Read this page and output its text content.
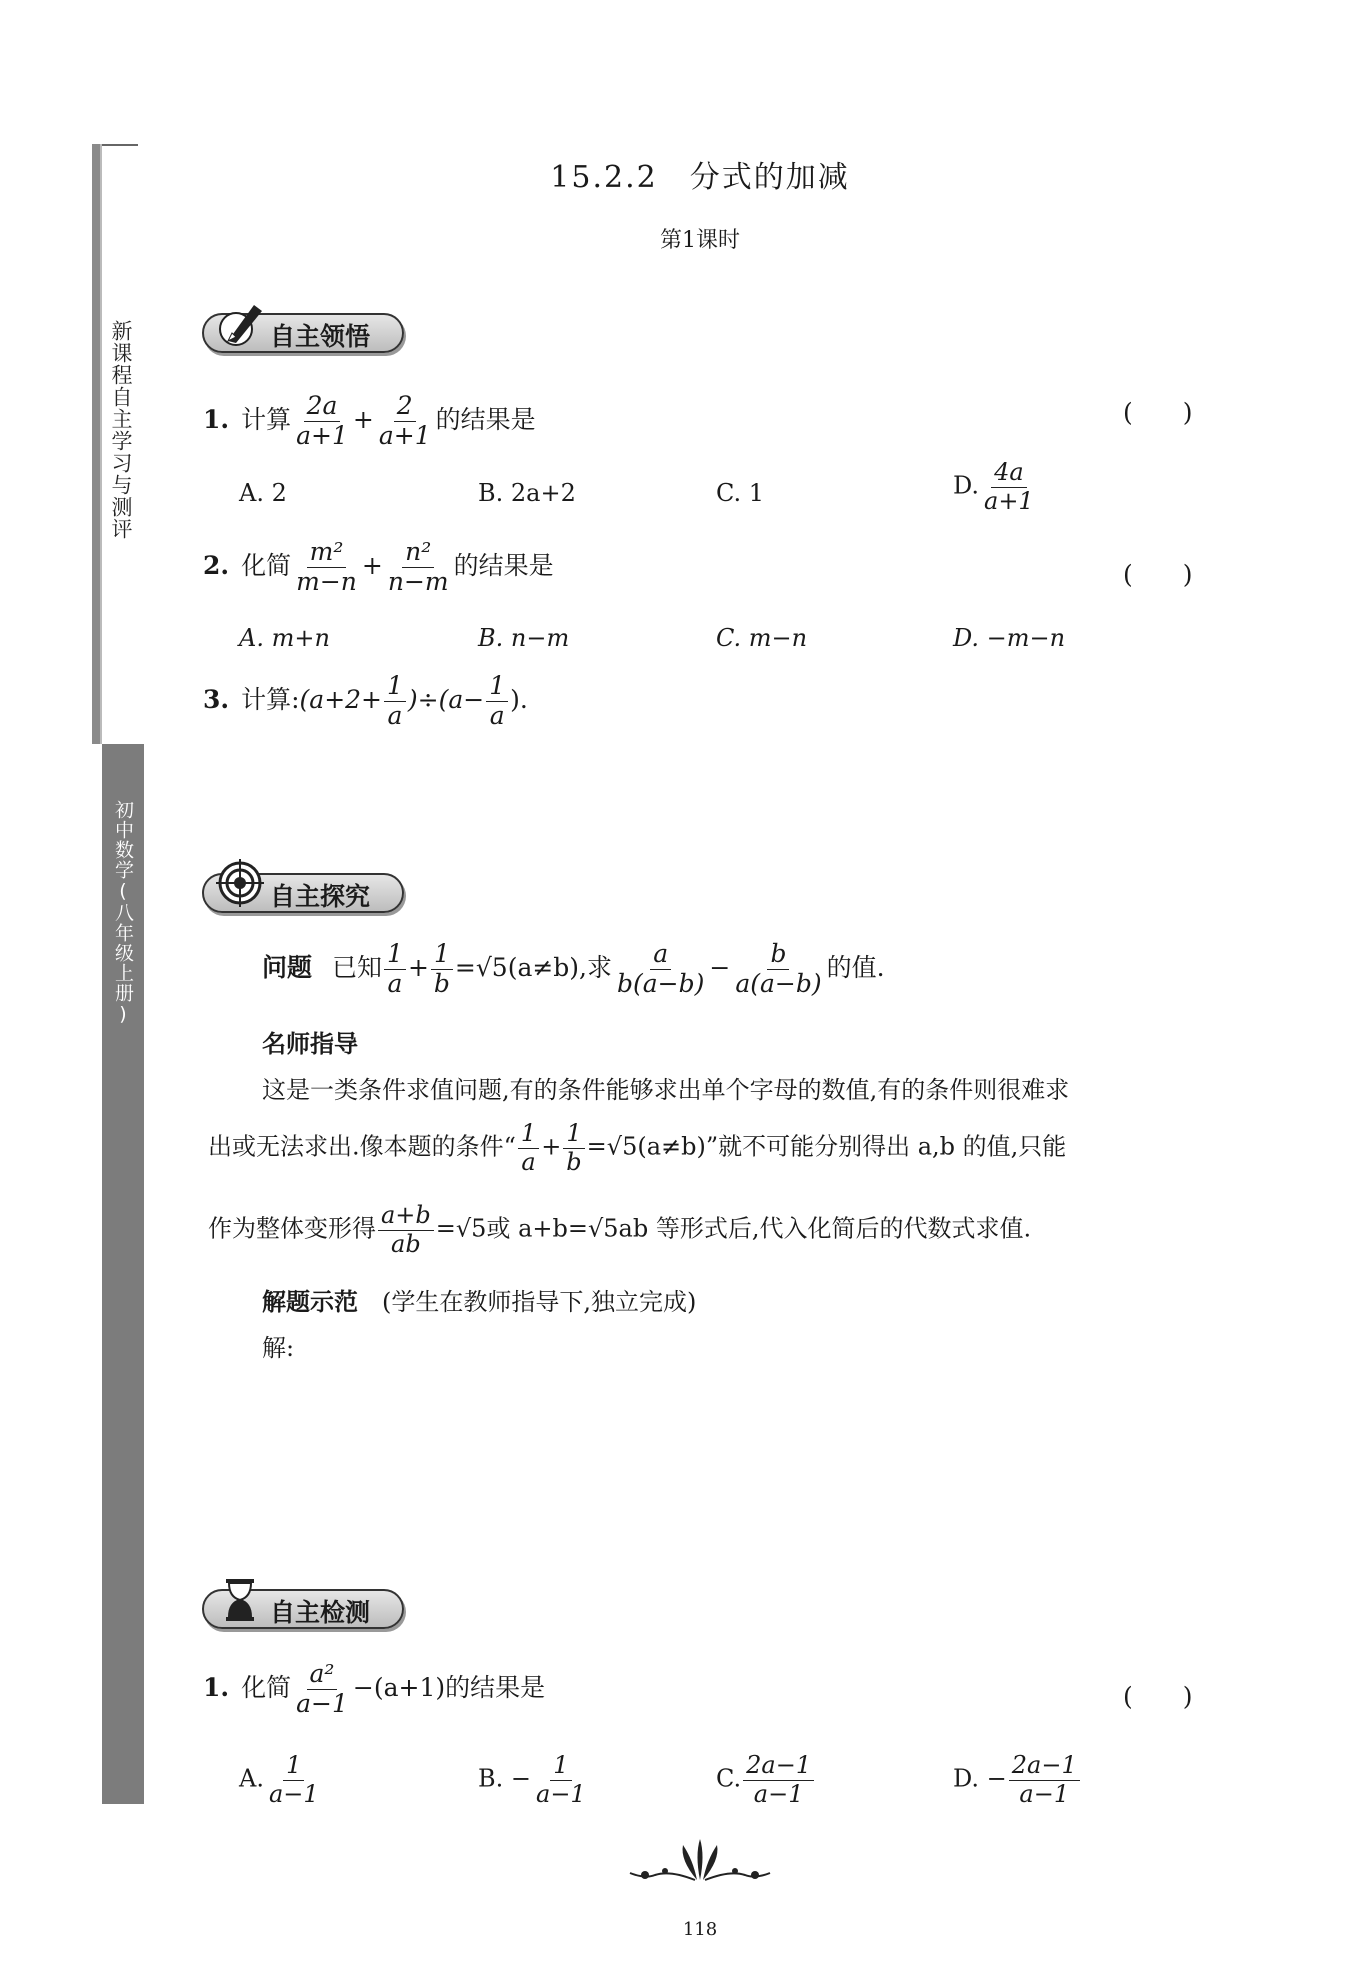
新课程自主学习与测评
初中数学(八年级上册)
15.2.2　分式的加减
第1课时
自主领悟
1. 计算 $\frac{2a}{a+1} + \frac{2}{a+1}$ 的结果是	(　　)
A. 2	B. 2a+2	C. 1	D. $\frac{4a}{a+1}$
2. 化简 $\frac{\text{m²}}{m-n} + \frac{\text{n²}}{n-m}$ 的结果是	(　　)
A. m+n	B. n−m	C. m−n	D. −m−n
3. 计算:(a+2+ $\frac{1}{a} )\div(a- \frac{1}{a}$ ).
自主探究
问题 已知 $\frac{1}{a} + \frac{1}{b} =√5(a\ne b)$,求 $\frac{a}{b(a-b)} - \frac{b}{a(a-b)}$ 的值.
名师指导
这是一类条件求值问题,有的条件能够求出单个字母的数值,有的条件则很难求
出或无法求出.像本题的条件“ $\frac{1}{a} + \frac{1}{b} =√5(a\ne b)$”就不可能分别得出 a,b 的值,只能
作为整体变形得 $\frac{a+b}{ab} =√5$或 a+b=√5ab 等形式后,代入化简后的代数式求值.
解题示范 (学生在教师指导下,独立完成)
解:
自主检测
1. 化简 $\frac{\text{a²}}{a-1} -(a+1)$的结果是	(　　)
A. $\frac{1}{a-1}$	B. − $\frac{1}{a-1}$	C. $\frac{2a-1}{a-1}$	D. − $\frac{2a-1}{a-1}$
118
